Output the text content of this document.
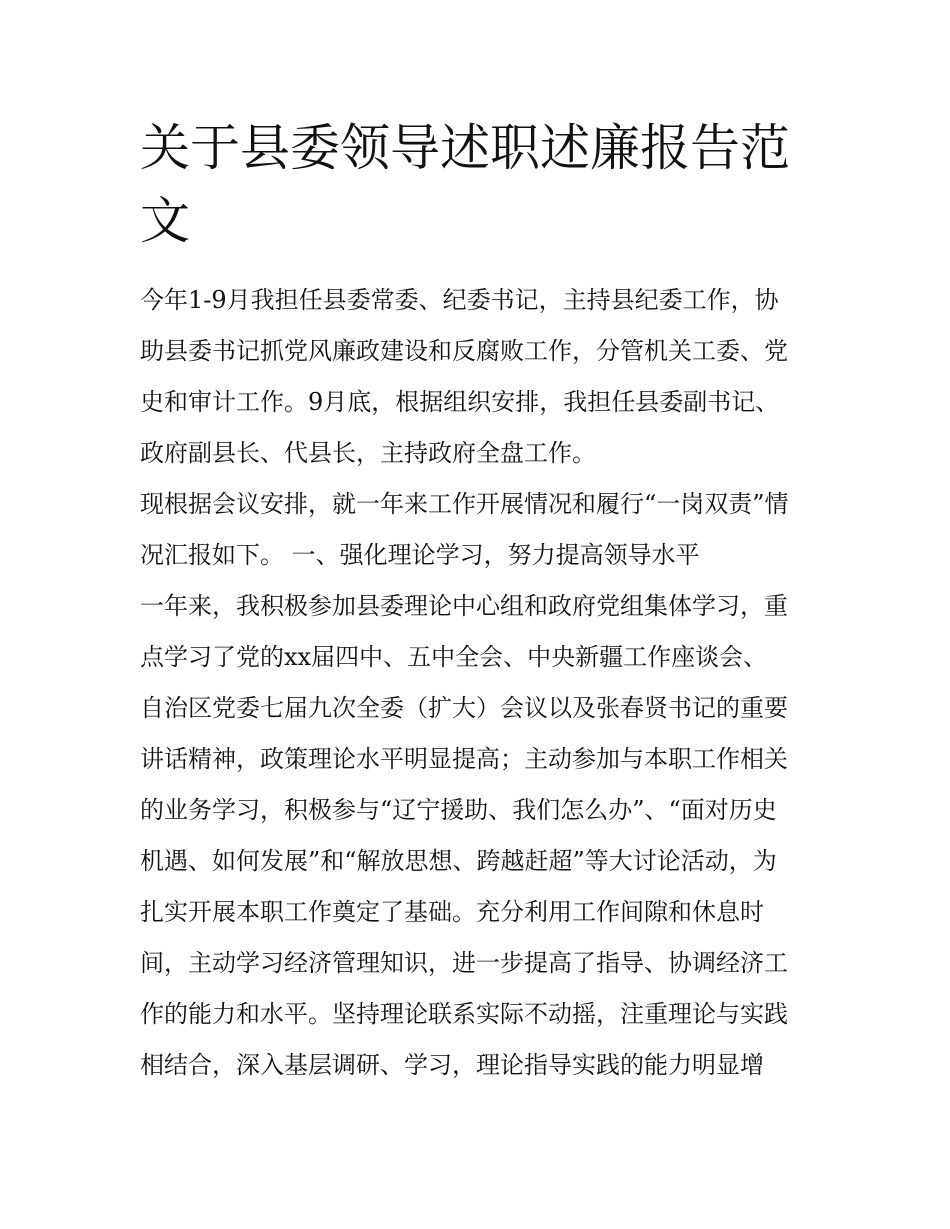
关于县委领导述职述廉报告范
文
今年1-9月我担任县委常委、纪委书记，主持县纪委工作，协
助县委书记抓党风廉政建设和反腐败工作，分管机关工委、党
史和审计工作。9月底，根据组织安排，我担任县委副书记、
政府副县长、代县长，主持政府全盘工作。
现根据会议安排，就一年来工作开展情况和履行“一岗双责”情
况汇报如下。 一、强化理论学习，努力提高领导水平
一年来，我积极参加县委理论中心组和政府党组集体学习，重
点学习了党的xx届四中、五中全会、中央新疆工作座谈会、
自治区党委七届九次全委（扩大）会议以及张春贤书记的重要
讲话精神，政策理论水平明显提高；主动参加与本职工作相关
的业务学习，积极参与“辽宁援助、我们怎么办”、“面对历史
机遇、如何发展”和“解放思想、跨越赶超”等大讨论活动，为
扎实开展本职工作奠定了基础。充分利用工作间隙和休息时
间，主动学习经济管理知识，进一步提高了指导、协调经济工
作的能力和水平。坚持理论联系实际不动摇，注重理论与实践
相结合，深入基层调研、学习，理论指导实践的能力明显增
